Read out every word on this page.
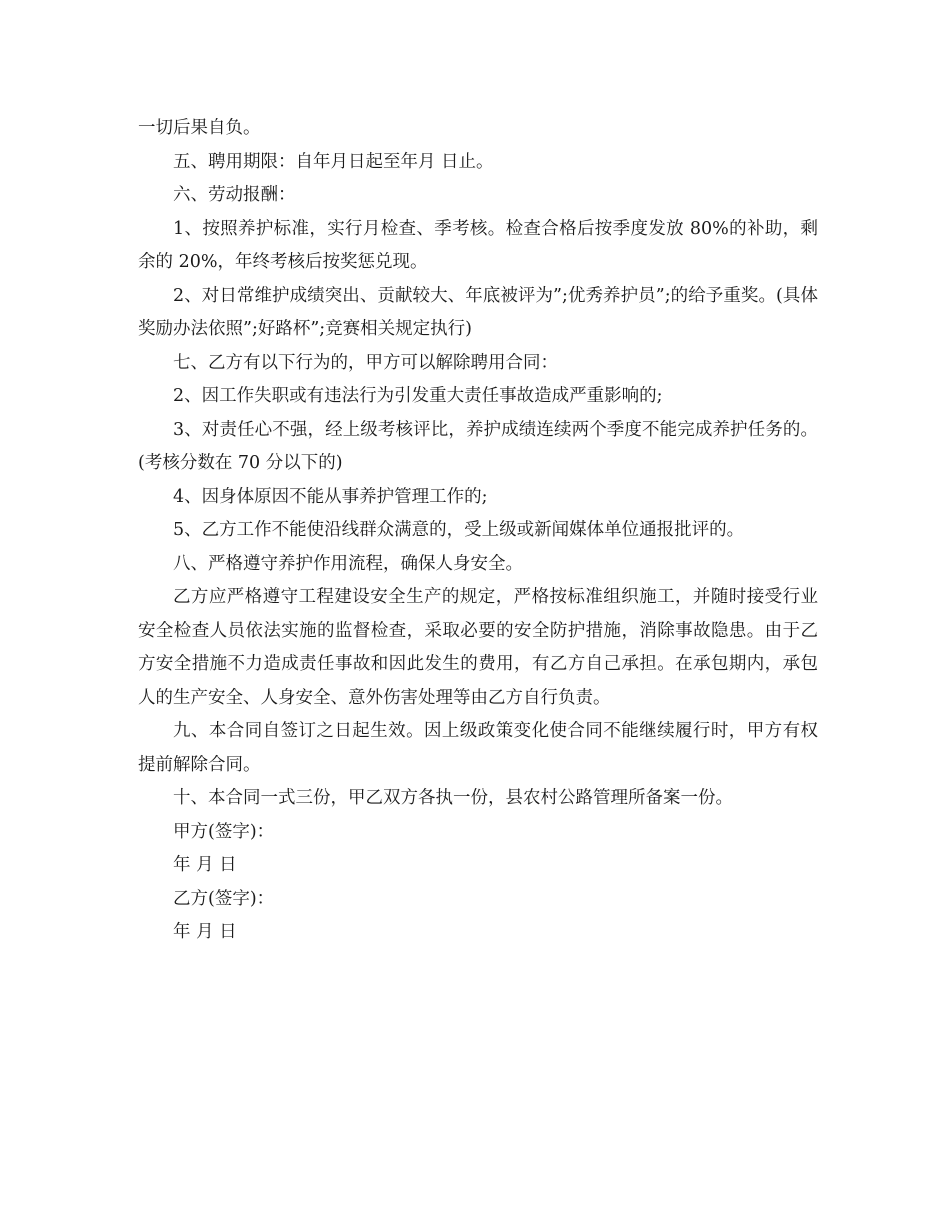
一切后果自负。

五、聘用期限：自年月日起至年月 日止。

六、劳动报酬：

1、按照养护标准，实行月检查、季考核。检查合格后按季度发放 80%的补助，剩余的 20%，年终考核后按奖惩兑现。

2、对日常维护成绩突出、贡献较大、年底被评为”;优秀养护员”;的给予重奖。(具体奖励办法依照”;好路杯”;竞赛相关规定执行)

七、乙方有以下行为的，甲方可以解除聘用合同：

2、因工作失职或有违法行为引发重大责任事故造成严重影响的;

3、对责任心不强，经上级考核评比，养护成绩连续两个季度不能完成养护任务的。(考核分数在 70 分以下的)

4、因身体原因不能从事养护管理工作的;

5、乙方工作不能使沿线群众满意的，受上级或新闻媒体单位通报批评的。

八、严格遵守养护作用流程，确保人身安全。

乙方应严格遵守工程建设安全生产的规定，严格按标准组织施工，并随时接受行业安全检查人员依法实施的监督检查，采取必要的安全防护措施，消除事故隐患。由于乙方安全措施不力造成责任事故和因此发生的费用，有乙方自己承担。在承包期内，承包人的生产安全、人身安全、意外伤害处理等由乙方自行负责。

九、本合同自签订之日起生效。因上级政策变化使合同不能继续履行时，甲方有权提前解除合同。

十、本合同一式三份，甲乙双方各执一份，县农村公路管理所备案一份。

甲方(签字)：

年 月 日

乙方(签字)：

年 月 日
